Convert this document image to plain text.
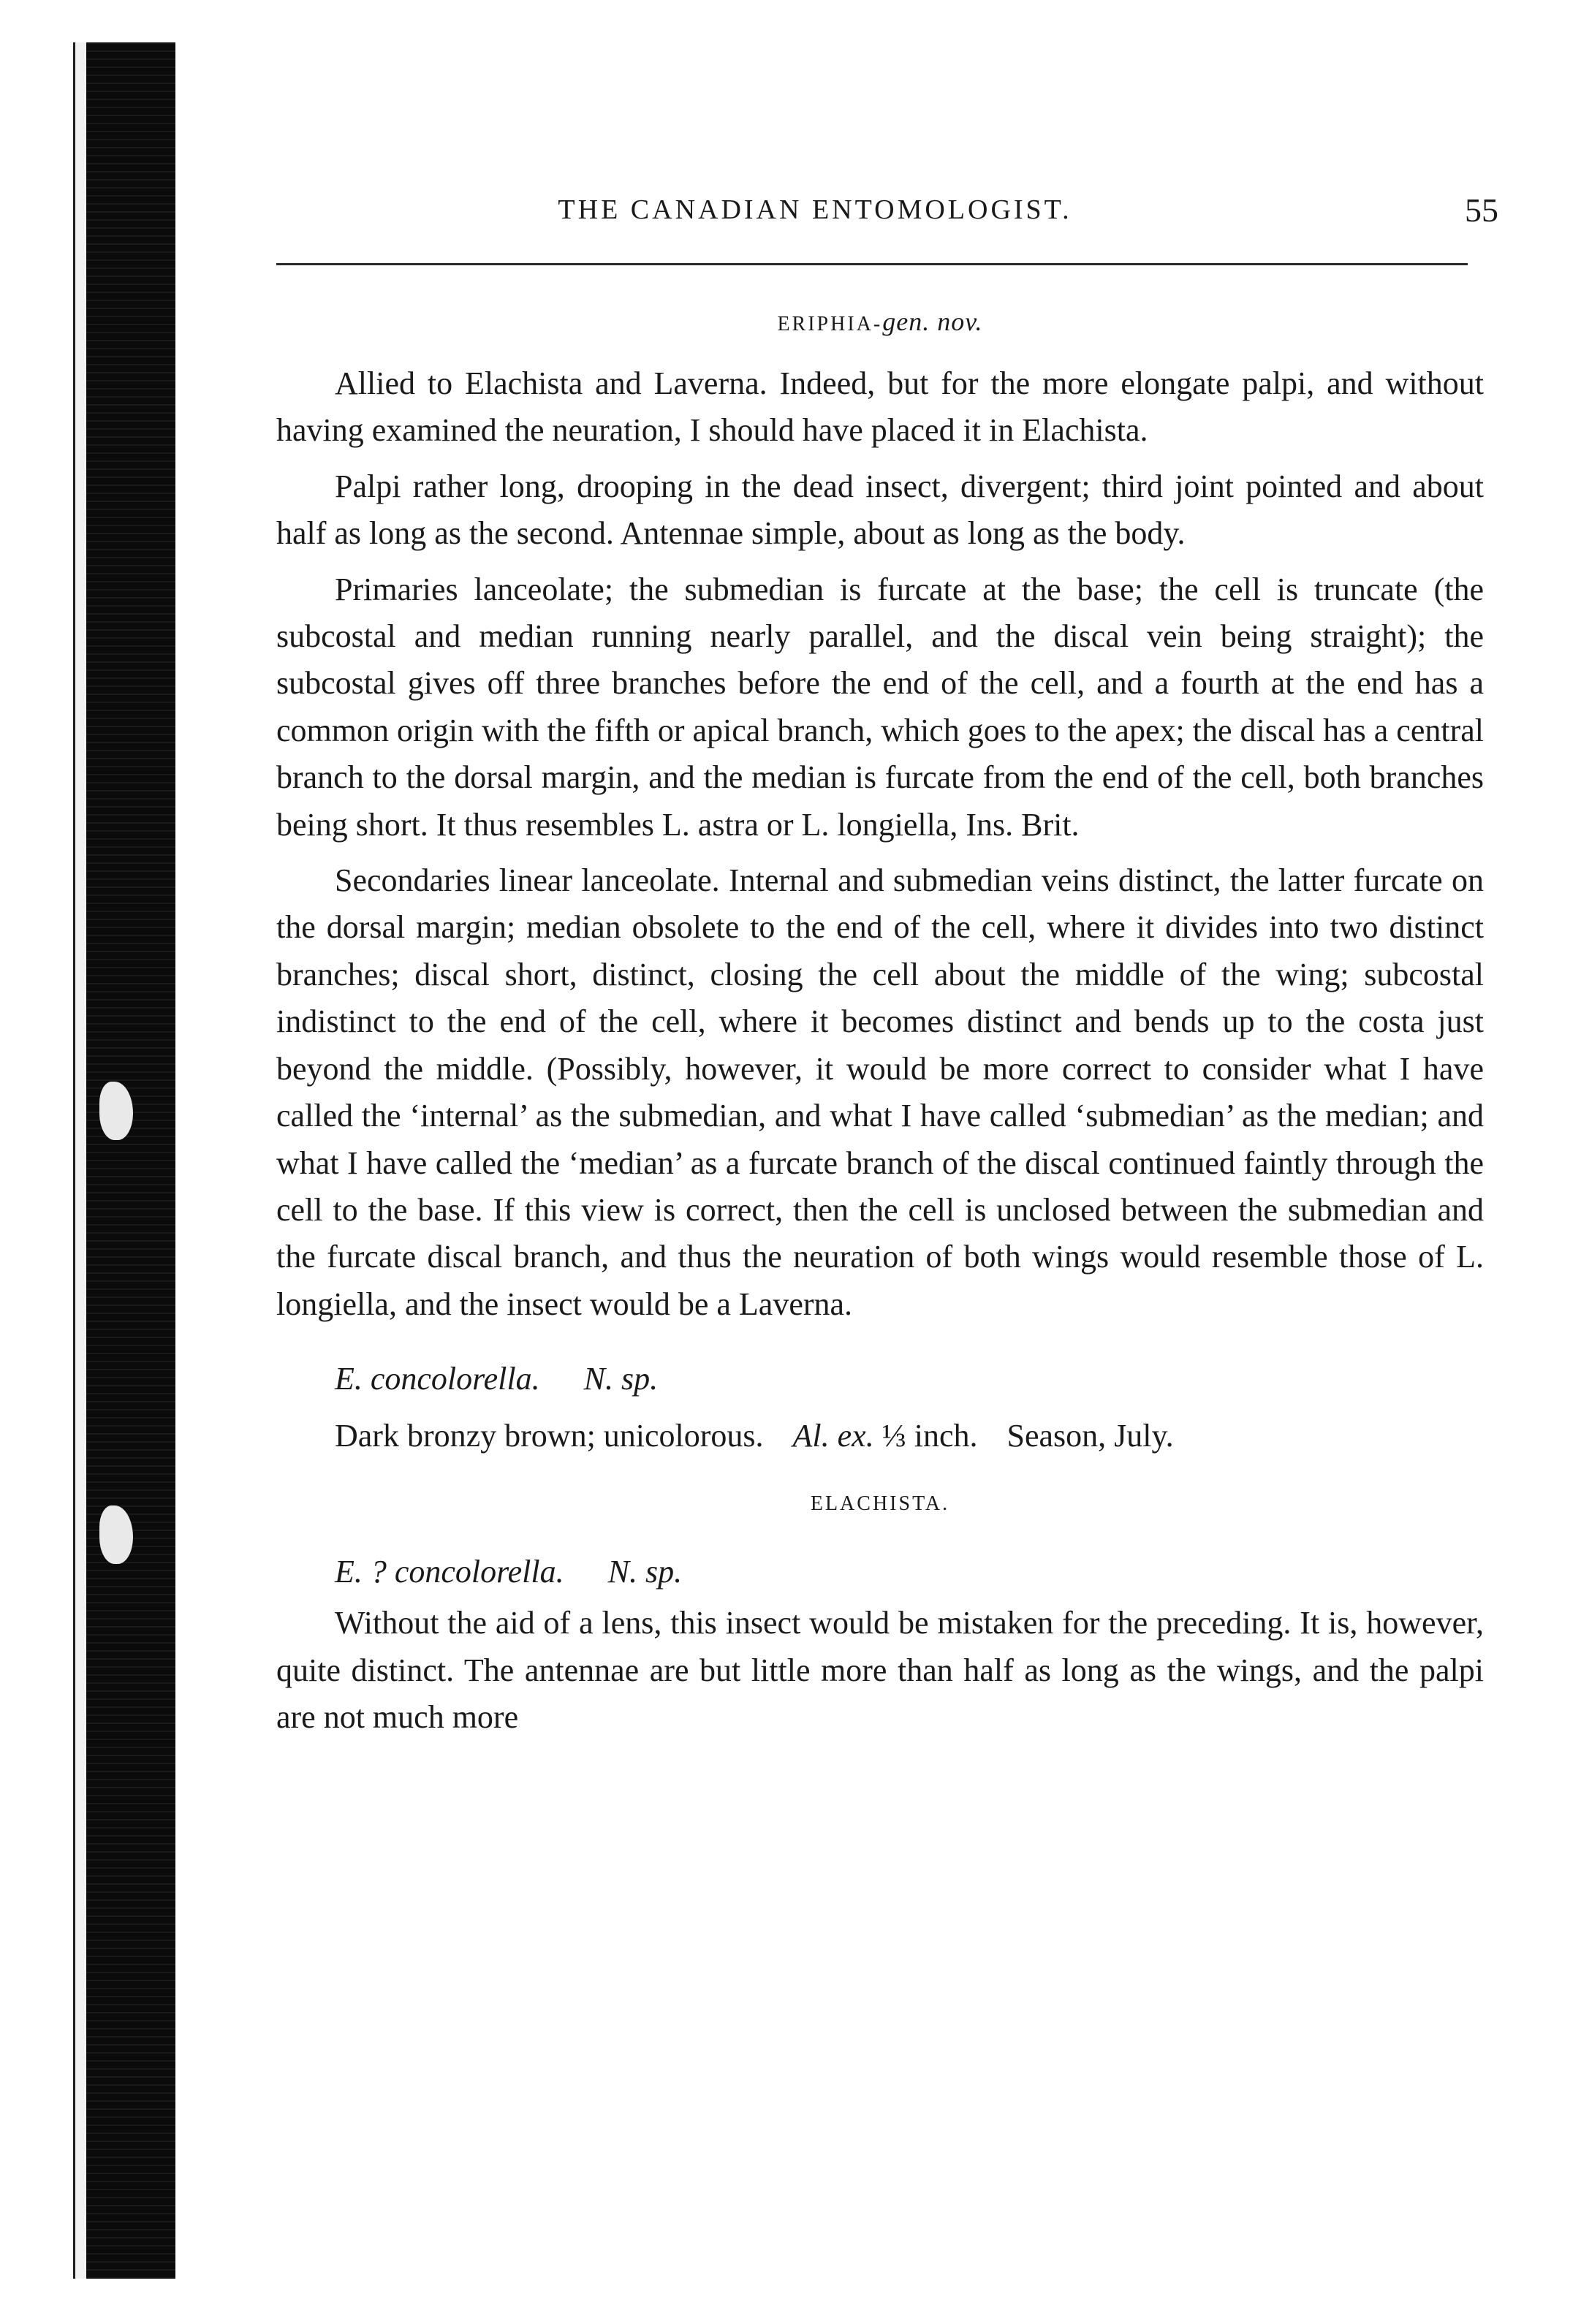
THE CANADIAN ENTOMOLOGIST.	55
ERIPHIA-gen. nov.

Allied to Elachista and Laverna. Indeed, but for the more elongate palpi, and without having examined the neuration, I should have placed it in Elachista.

Palpi rather long, drooping in the dead insect, divergent; third joint pointed and about half as long as the second. Antennae simple, about as long as the body.

Primaries lanceolate; the submedian is furcate at the base; the cell is truncate (the subcostal and median running nearly parallel, and the discal vein being straight); the subcostal gives off three branches before the end of the cell, and a fourth at the end has a common origin with the fifth or apical branch, which goes to the apex; the discal has a central branch to the dorsal margin, and the median is furcate from the end of the cell, both branches being short. It thus resembles L. astra or L. longiella, Ins. Brit.

Secondaries linear lanceolate. Internal and submedian veins distinct, the latter furcate on the dorsal margin; median obsolete to the end of the cell, where it divides into two distinct branches; discal short, distinct, closing the cell about the middle of the wing; subcostal indistinct to the end of the cell, where it becomes distinct and bends up to the costa just beyond the middle. (Possibly, however, it would be more correct to consider what I have called the ‘internal’ as the submedian, and what I have called ‘submedian’ as the median; and what I have called the ‘median’ as a furcate branch of the discal continued faintly through the cell to the base. If this view is correct, then the cell is unclosed between the submedian and the furcate discal branch, and thus the neuration of both wings would resemble those of L. longiella, and the insect would be a Laverna.

E. concolorella. N. sp.
Dark bronzy brown; unicolorous. Al. ex. ⅓ inch. Season, July.
ELACHISTA.
E. ? concolorella. N. sp.

Without the aid of a lens, this insect would be mistaken for the preceding. It is, however, quite distinct. The antennae are but little more than half as long as the wings, and the palpi are not much more
